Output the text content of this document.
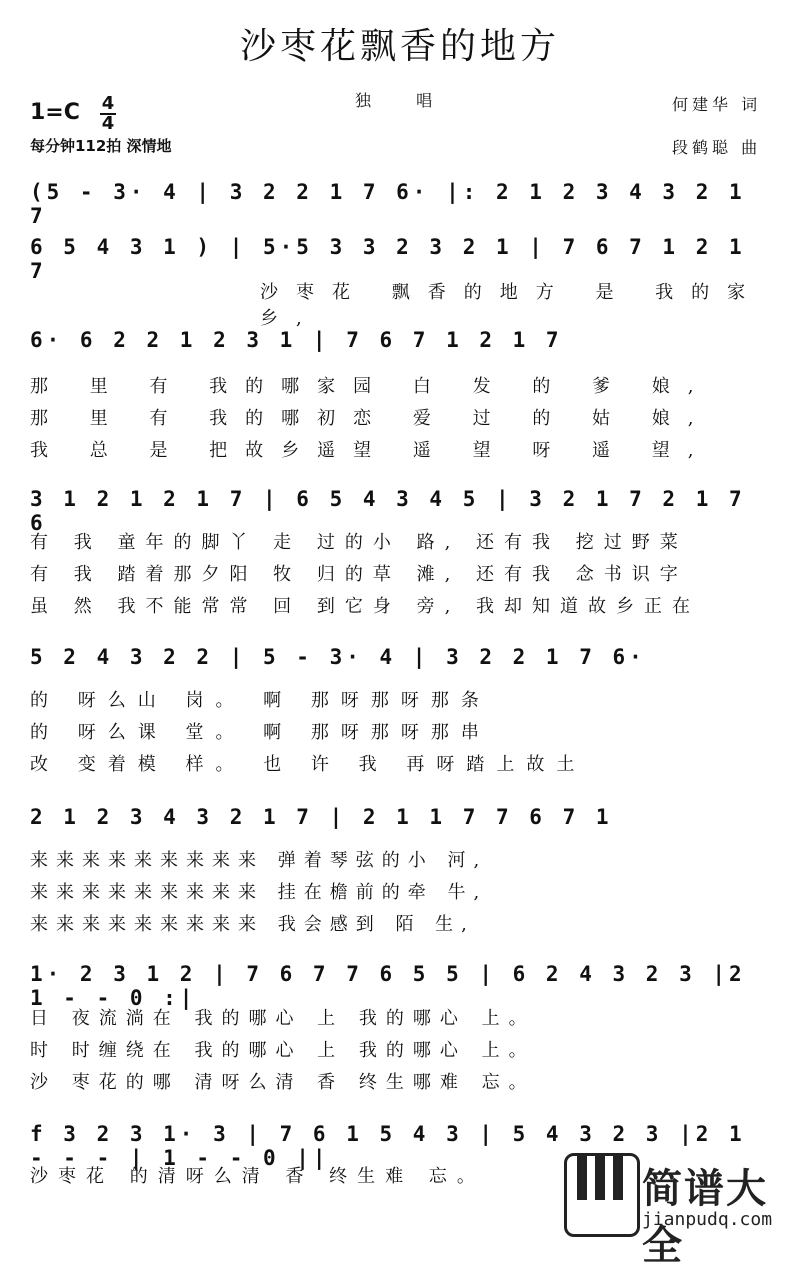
沙枣花飘香的地方
独 唱
1=C 4
4
每分钟112拍 深情地
何建华 词
段鹤聪 曲
(5 - 3· 4 | 3 2 2 1 7 6· |: 2 1 2 3 4 3 2 1 7
6 5 4 3 1 ) | 5·5 3 3 2 3 2 1 | 7 6 7 1 2 1 7
沙枣花 飘香的地方 是 我的家 乡,
6· 6 2 2 1 2 3 1 | 7 6 7 1 2 1 7
那 里 有 我的哪家园 白 发 的 爹 娘,
那 里 有 我的哪初恋 爱 过 的 姑 娘,
我 总 是 把故乡遥望 遥 望 呀 遥 望,
3 1 2 1 2 1 7 | 6 5 4 3 4 5 | 3 2 1 7 2 1 7 6
有 我 童年的脚丫 走 过的小 路, 还有我 挖过野菜
有 我 踏着那夕阳 牧 归的草 滩, 还有我 念书识字
虽 然 我不能常常 回 到它身 旁, 我却知道故乡正在
5 2 4 3 2 2 | 5 - 3· 4 | 3 2 2 1 7 6·
的 呀么山 岗。 啊 那呀那呀那条
的 呀么课 堂。 啊 那呀那呀那串
改 变着模 样。 也 许 我 再呀踏上故土
2 1 2 3 4 3 2 1 7 | 2 1 1 7 7 6 7 1
来来来来来来来来来 弹着琴弦的小 河,
来来来来来来来来来 挂在檐前的牵 牛,
来来来来来来来来来 我会感到 陌 生,
1· 2 3 1 2 | 7 6 7 7 6 5 5 | 6 2 4 3 2 3 |2 1 - - 0 :|
日 夜流淌在 我的哪心 上 我的哪心 上。
时 时缠绕在 我的哪心 上 我的哪心 上。
沙 枣花的哪 清呀么清 香 终生哪难 忘。
f 3 2 3 1· 3 | 7 6 1 5 4 3 | 5 4 3 2 3 |2 1 - - - | 1 - - 0 ||
沙枣花 的清呀么清 香 终生难 忘。	简谱大全
jianpudq.com
